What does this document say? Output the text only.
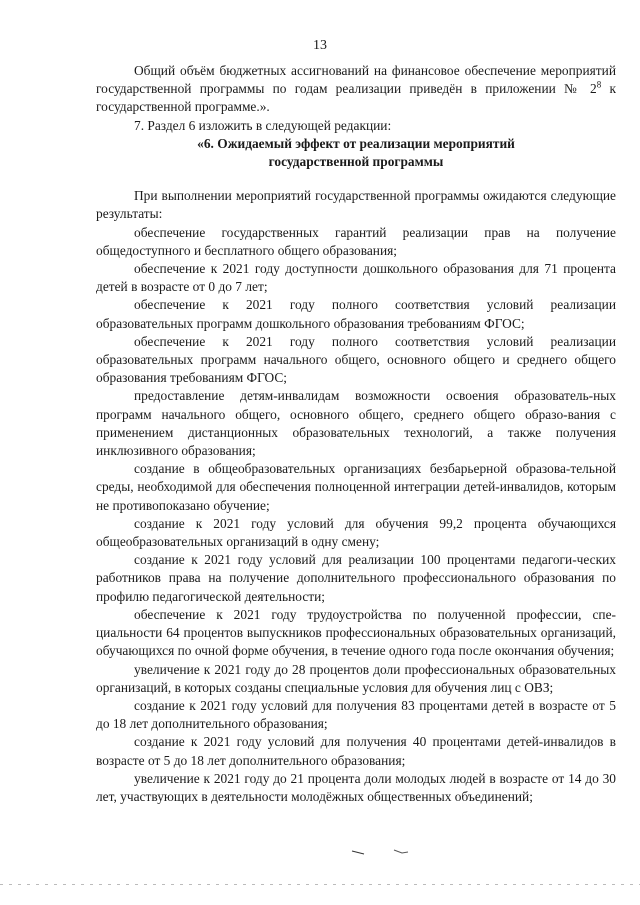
13

Общий объём бюджетных ассигнований на финансовое обеспечение мероприятий государственной программы по годам реализации приведён в приложении № $2^8$ к государственной программе.».

7. Раздел 6 изложить в следующей редакции:

«6. Ожидаемый эффект от реализации мероприятий
государственной программы

При выполнении мероприятий государственной программы ожидаются следующие результаты:

обеспечение государственных гарантий реализации прав на получение общедоступного и бесплатного общего образования;

обеспечение к 2021 году доступности дошкольного образования для 71 процента детей в возрасте от 0 до 7 лет;

обеспечение к 2021 году полного соответствия условий реализации образовательных программ дошкольного образования требованиям ФГОС;

обеспечение к 2021 году полного соответствия условий реализации образовательных программ начального общего, основного общего и среднего общего образования требованиям ФГОС;

предоставление детям-инвалидам возможности освоения образователь-ных программ начального общего, основного общего, среднего общего образо-вания с применением дистанционных образовательных технологий, а также получения инклюзивного образования;

создание в общеобразовательных организациях безбарьерной образова-тельной среды, необходимой для обеспечения полноценной интеграции детей-инвалидов, которым не противопоказано обучение;

создание к 2021 году условий для обучения 99,2 процента обучающихся общеобразовательных организаций в одну смену;

создание к 2021 году условий для реализации 100 процентами педагоги-ческих работников права на получение дополнительного профессионального образования по профилю педагогической деятельности;

обеспечение к 2021 году трудоустройства по полученной профессии, спе-циальности 64 процентов выпускников профессиональных образовательных организаций, обучающихся по очной форме обучения, в течение одного года после окончания обучения;

увеличение к 2021 году до 28 процентов доли профессиональных образовательных организаций, в которых созданы специальные условия для обучения лиц с ОВЗ;

создание к 2021 году условий для получения 83 процентами детей в возрасте от 5 до 18 лет дополнительного образования;

создание к 2021 году условий для получения 40 процентами детей-инвалидов в возрасте от 5 до 18 лет дополнительного образования;

увеличение к 2021 году до 21 процента доли молодых людей в возрасте от 14 до 30 лет, участвующих в деятельности молодёжных общественных объединений;
